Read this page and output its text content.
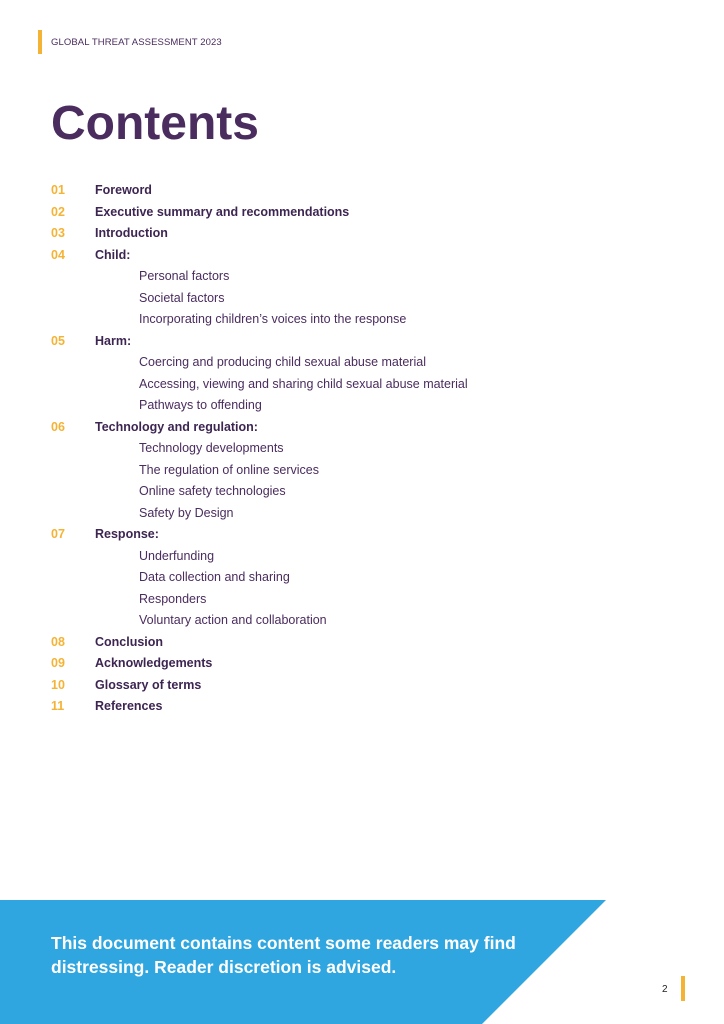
GLOBAL THREAT ASSESSMENT 2023
Contents
01 Foreword
02 Executive summary and recommendations
03 Introduction
04 Child:
Personal factors
Societal factors
Incorporating children’s voices into the response
05 Harm:
Coercing and producing child sexual abuse material
Accessing, viewing and sharing child sexual abuse material
Pathways to offending
06 Technology and regulation:
Technology developments
The regulation of online services
Online safety technologies
Safety by Design
07 Response:
Underfunding
Data collection and sharing
Responders
Voluntary action and collaboration
08 Conclusion
09 Acknowledgements
10 Glossary of terms
11 References
This document contains content some readers may find distressing. Reader discretion is advised.
2
